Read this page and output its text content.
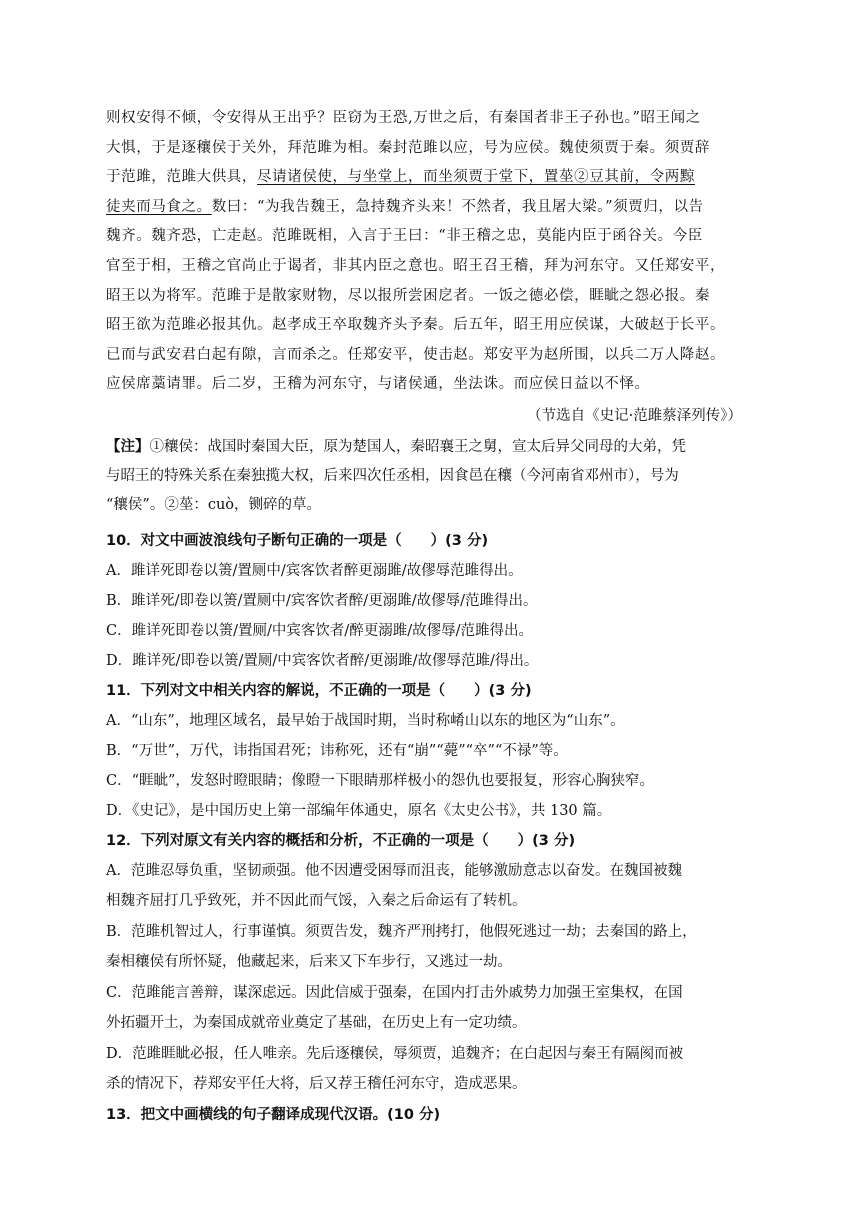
则权安得不倾，令安得从王出乎？臣窃为王恐,万世之后，有秦国者非王子孙也。”昭王闻之

大惧，于是逐穰侯于关外，拜范雎为相。秦封范雎以应，号为应侯。魏使须贾于秦。须贾辞

于范雎，范雎大供具，尽请诸侯使，与坐堂上，而坐须贾于堂下，置莝②豆其前，令两黥

徒夹而马食之。数曰：“为我告魏王，急持魏齐头来！不然者，我且屠大梁。”须贾归，以告

魏齐。魏齐恐，亡走赵。范雎既相，入言于王曰：“非王稽之忠，莫能内臣于函谷关。今臣

官至于相，王稽之官尚止于谒者，非其内臣之意也。昭王召王稽，拜为河东守。又任郑安平，

昭王以为将军。范雎于是散家财物，尽以报所尝困戹者。一饭之德必偿，睚眦之怨必报。秦

昭王欲为范雎必报其仇。赵孝成王卒取魏齐头予秦。后五年，昭王用应侯谋，大破赵于长平。

已而与武安君白起有隙，言而杀之。任郑安平，使击赵。郑安平为赵所围，以兵二万人降赵。

应侯席藁请罪。后二岁，王稽为河东守，与诸侯通，坐法诛。而应侯日益以不怿。

（节选自《史记·范雎蔡泽列传》）
【注】①穰侯：战国时秦国大臣，原为楚国人，秦昭襄王之舅，宣太后异父同母的大弟，凭
与昭王的特殊关系在秦独揽大权，后来四次任丞相，因食邑在穰（今河南省邓州市），号为
“穰侯”。②莝：cuò，铡碎的草。
10．对文中画波浪线句子断句正确的一项是（　　）(3 分)
A．雎详死即卷以箦/置厕中/宾客饮者醉更溺雎/故僇辱范雎得出。
B．雎详死/即卷以箦/置厕中/宾客饮者醉/更溺雎/故僇辱/范雎得出。
C．雎详死即卷以箦/置厕/中宾客饮者/醉更溺雎/故僇辱/范雎得出。
D．雎详死/即卷以箦/置厕/中宾客饮者醉/更溺雎/故僇辱范雎/得出。
11．下列对文中相关内容的解说，不正确的一项是（　　）(3 分)
A．“山东”，地理区域名，最早始于战国时期，当时称崤山以东的地区为“山东”。
B．“万世”，万代，讳指国君死；讳称死，还有“崩”“薨”“卒”“不禄”等。
C．“睚眦”，发怒时瞪眼睛；像瞪一下眼睛那样极小的怨仇也要报复，形容心胸狭窄。
D．《史记》，是中国历史上第一部编年体通史，原名《太史公书》，共 130 篇。
12．下列对原文有关内容的概括和分析，不正确的一项是（　　）(3 分)
A．范雎忍辱负重，坚韧顽强。他不因遭受困辱而沮丧，能够激励意志以奋发。在魏国被魏
相魏齐屈打几乎致死，并不因此而气馁，入秦之后命运有了转机。
B．范雎机智过人，行事谨慎。须贾告发，魏齐严刑拷打，他假死逃过一劫；去秦国的路上，
秦相穰侯有所怀疑，他藏起来，后来又下车步行，又逃过一劫。
C．范雎能言善辩，谋深虑远。因此信威于强秦，在国内打击外戚势力加强王室集权，在国
外拓疆开土，为秦国成就帝业奠定了基础，在历史上有一定功绩。
D．范雎睚眦必报，任人唯亲。先后逐穰侯，辱须贾，追魏齐；在白起因与秦王有隔阂而被
杀的情况下，荐郑安平任大将，后又荐王稽任河东守，造成恶果。
13．把文中画横线的句子翻译成现代汉语。(10 分)
